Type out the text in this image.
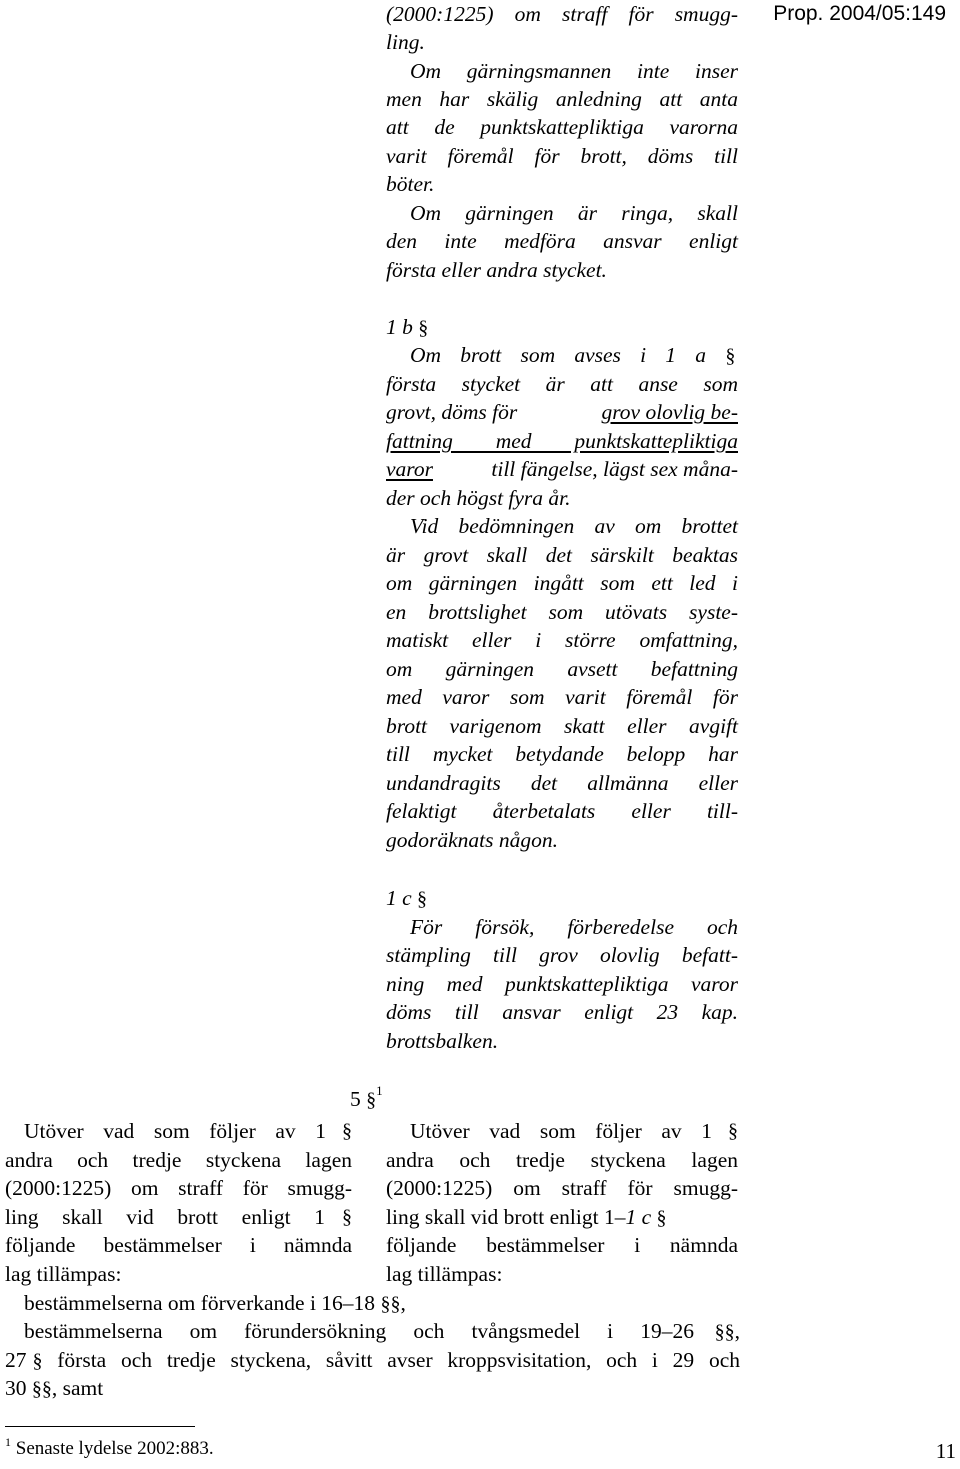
Prop. 2004/05:149
(2000:1225) om straff för smugg-
ling.
Om gärningsmannen inte inser
men har skälig anledning att anta
att de punktskattepliktiga varorna
varit föremål för brott, döms till
böter.
Om gärningen är ringa, skall
den inte medföra ansvar enligt
första eller andra stycket.
1 b §
Om brott som avses i 1 a §
första stycket är att anse som
grovt, döms för	grov olovlig be-
fattning med punktskattepliktiga
varor till fängelse, lägst sex måna-
der och högst fyra år.
Vid bedömningen av om brottet
är grovt skall det särskilt beaktas
om gärningen ingått som ett led i
en brottslighet som utövats syste-
matiskt eller i större omfattning,
om gärningen avsett befattning
med varor som varit föremål för
brott varigenom skatt eller avgift
till mycket betydande belopp har
undandragits det allmänna eller
felaktigt återbetalats eller till-
godoräknats någon.
1 c §
För försök, förberedelse och
stämpling till grov olovlig befatt-
ning med punktskattepliktiga varor
döms till ansvar enligt 23 kap.
brottsbalken.
5 §$^1$
Utöver vad som följer av 1 §
andra och tredje styckena lagen
(2000:1225) om straff för smugg-
ling skall vid brott enligt 1 §
följande bestämmelser i nämnda
lag tillämpas:
Utöver vad som följer av 1 §
andra och tredje styckena lagen
(2000:1225) om straff för smugg-
ling skall vid brott enligt 1–1 c §
följande bestämmelser i nämnda
lag tillämpas:
bestämmelserna om förverkande i 16–18 §§,
bestämmelserna om förundersökning och tvångsmedel i 19–26 §§,
27 § första och tredje styckena, såvitt avser kroppsvisitation, och i 29 och
30 §§, samt
$^1$ Senaste lydelse 2002:883.	11
